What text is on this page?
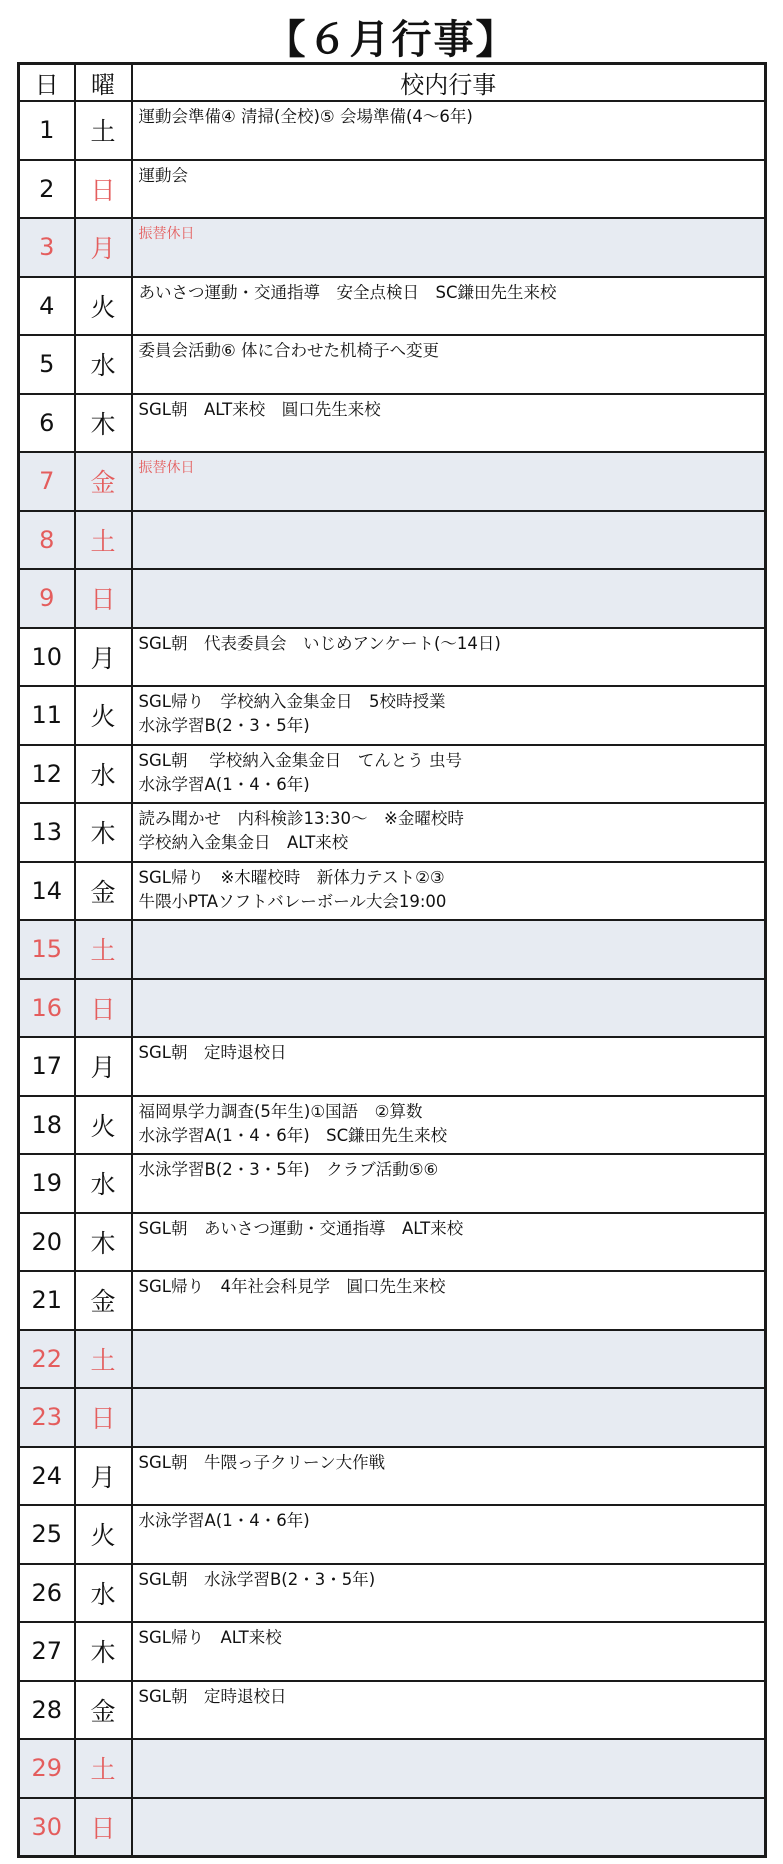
【６月行事】
日	曜	校内行事
1	土	運動会準備④ 清掃(全校)⑤ 会場準備(4〜6年)

2	日	運動会

3	月	振替休日

4	火	あいさつ運動・交通指導　安全点検日　SC鎌田先生来校

5	水	委員会活動⑥ 体に合わせた机椅子へ変更

6	木	SGL朝　ALT来校　圓口先生来校

7	金	振替休日

8	土	
9	日	
10	月	SGL朝　代表委員会　いじめアンケート(〜14日)

11	火	SGL帰り　学校納入金集金日　5校時授業
水泳学習B(2・3・5年)

12	水	SGL朝　 学校納入金集金日　てんとう 虫号
水泳学習A(1・4・6年)

13	木	読み聞かせ　内科検診13:30〜　※金曜校時
学校納入金集金日　ALT来校

14	金	SGL帰り　※木曜校時　新体力テスト②③
牛隈小PTAソフトバレーボール大会19:00

15	土	
16	日	
17	月	SGL朝　定時退校日

18	火	福岡県学力調査(5年生)①国語　②算数
水泳学習A(1・4・6年)　SC鎌田先生来校

19	水	水泳学習B(2・3・5年)　クラブ活動⑤⑥

20	木	SGL朝　あいさつ運動・交通指導　ALT来校

21	金	SGL帰り　4年社会科見学　圓口先生来校

22	土	
23	日	
24	月	SGL朝　牛隈っ子クリーン大作戦

25	火	水泳学習A(1・4・6年)

26	水	SGL朝　水泳学習B(2・3・5年)

27	木	SGL帰り　ALT来校

28	金	SGL朝　定時退校日

29	土	
30	日	
